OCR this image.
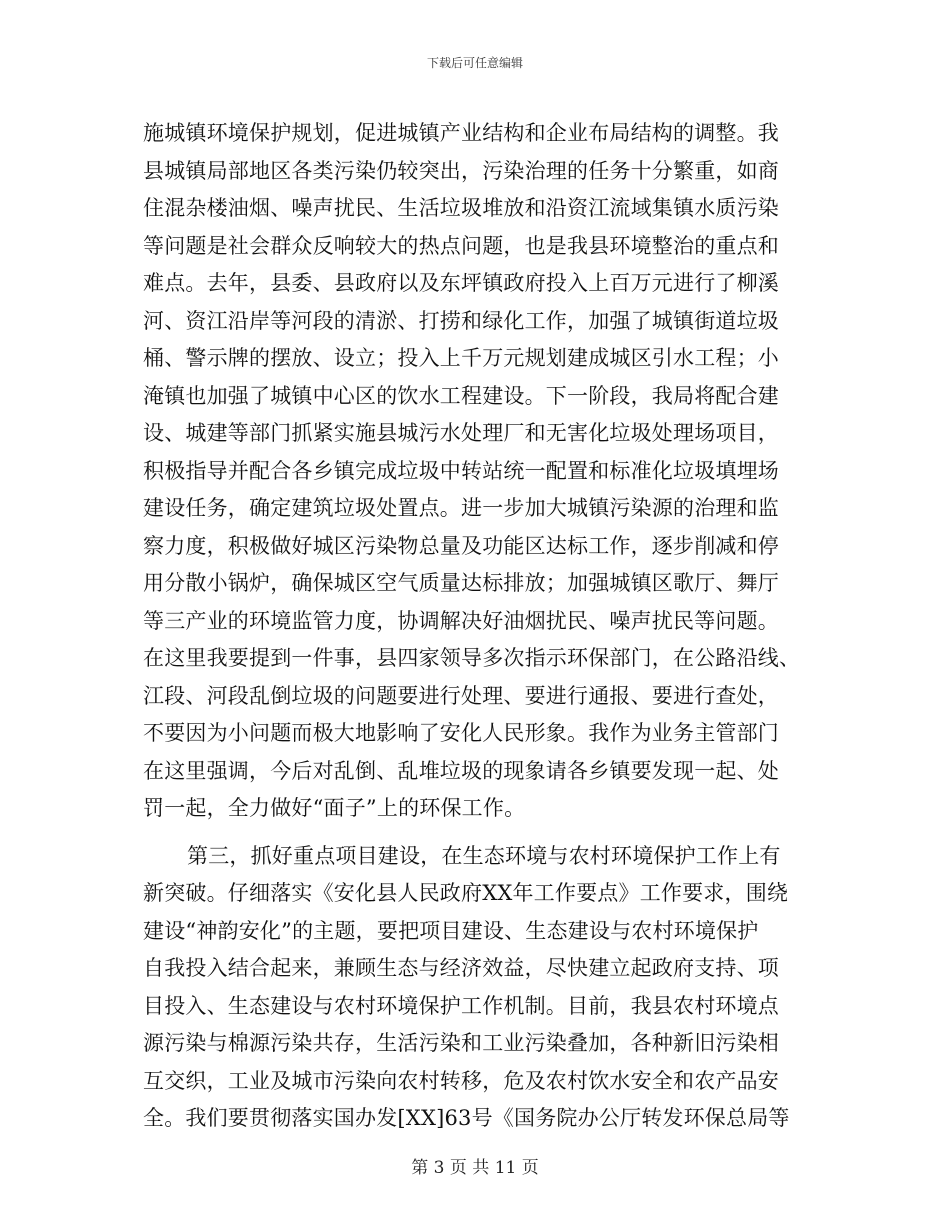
下载后可任意编辑
施城镇环境保护规划，促进城镇产业结构和企业布局结构的调整。我
县城镇局部地区各类污染仍较突出，污染治理的任务十分繁重，如商
住混杂楼油烟、噪声扰民、生活垃圾堆放和沿资江流域集镇水质污染
等问题是社会群众反响较大的热点问题，也是我县环境整治的重点和
难点。去年，县委、县政府以及东坪镇政府投入上百万元进行了柳溪
河、资江沿岸等河段的清淤、打捞和绿化工作，加强了城镇街道垃圾
桶、警示牌的摆放、设立；投入上千万元规划建成城区引水工程；小
淹镇也加强了城镇中心区的饮水工程建设。下一阶段，我局将配合建
设、城建等部门抓紧实施县城污水处理厂和无害化垃圾处理场项目，
积极指导并配合各乡镇完成垃圾中转站统一配置和标准化垃圾填埋场
建设任务，确定建筑垃圾处置点。进一步加大城镇污染源的治理和监
察力度，积极做好城区污染物总量及功能区达标工作，逐步削减和停
用分散小锅炉，确保城区空气质量达标排放；加强城镇区歌厅、舞厅
等三产业的环境监管力度，协调解决好油烟扰民、噪声扰民等问题。
在这里我要提到一件事，县四家领导多次指示环保部门，在公路沿线、
江段、河段乱倒垃圾的问题要进行处理、要进行通报、要进行查处，
不要因为小问题而极大地影响了安化人民形象。我作为业务主管部门
在这里强调，今后对乱倒、乱堆垃圾的现象请各乡镇要发现一起、处
罚一起，全力做好“面子”上的环保工作。
第三，抓好重点项目建设，在生态环境与农村环境保护工作上有
新突破。仔细落实《安化县人民政府XX年工作要点》工作要求，围绕
建设“神韵安化”的主题，要把项目建设、生态建设与农村环境保护
自我投入结合起来，兼顾生态与经济效益，尽快建立起政府支持、项
目投入、生态建设与农村环境保护工作机制。目前，我县农村环境点
源污染与棉源污染共存，生活污染和工业污染叠加，各种新旧污染相
互交织，工业及城市污染向农村转移，危及农村饮水安全和农产品安
全。我们要贯彻落实国办发[XX]63号《国务院办公厅转发环保总局等
第 3 页 共 11 页
